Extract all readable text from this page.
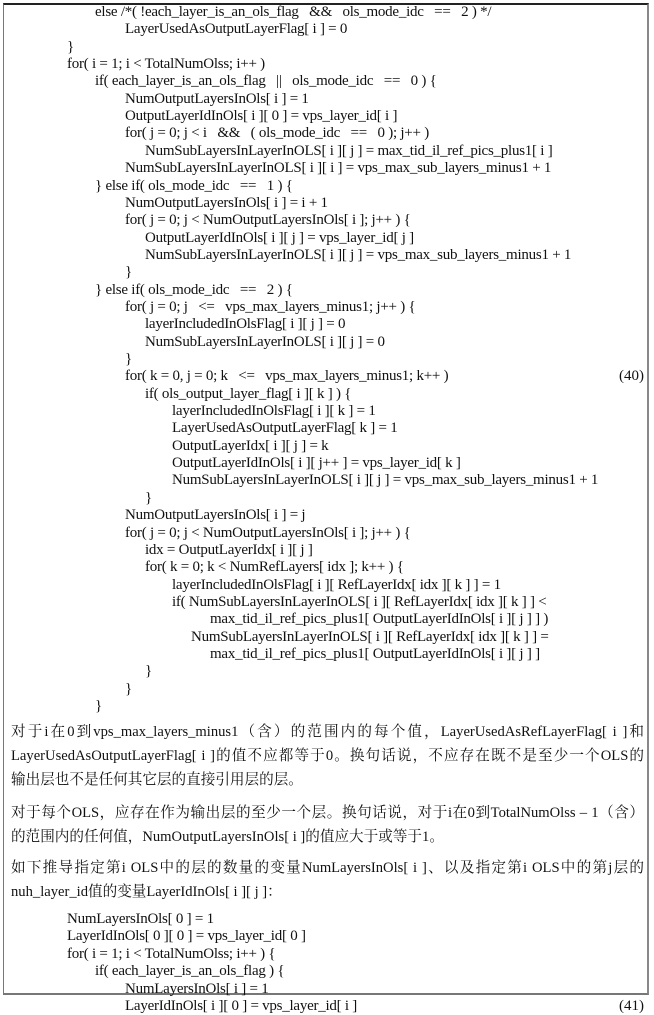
else /*( !each_layer_is_an_ols_flag   &&   ols_mode_idc   ==   2 ) */
LayerUsedAsOutputLayerFlag[ i ] = 0
}
for( i = 1; i < TotalNumOlss; i++ )
if( each_layer_is_an_ols_flag   ||   ols_mode_idc   ==   0 ) {
NumOutputLayersInOls[ i ] = 1
OutputLayerIdInOls[ i ][ 0 ] = vps_layer_id[ i ]
for( j = 0; j < i   &&   ( ols_mode_idc   ==   0 ); j++ )
NumSubLayersInLayerInOLS[ i ][ j ] = max_tid_il_ref_pics_plus1[ i ]
NumSubLayersInLayerInOLS[ i ][ i ] = vps_max_sub_layers_minus1 + 1
} else if( ols_mode_idc   ==   1 ) {
NumOutputLayersInOls[ i ] = i + 1
for( j = 0; j < NumOutputLayersInOls[ i ]; j++ ) {
OutputLayerIdInOls[ i ][ j ] = vps_layer_id[ j ]
NumSubLayersInLayerInOLS[ i ][ j ] = vps_max_sub_layers_minus1 + 1
}
} else if( ols_mode_idc   ==   2 ) {
for( j = 0; j   <=   vps_max_layers_minus1; j++ ) {
layerIncludedInOlsFlag[ i ][ j ] = 0
NumSubLayersInLayerInOLS[ i ][ j ] = 0
}
for( k = 0, j = 0; k   <=   vps_max_layers_minus1; k++ )
if( ols_output_layer_flag[ i ][ k ] ) {
layerIncludedInOlsFlag[ i ][ k ] = 1
LayerUsedAsOutputLayerFlag[ k ] = 1
OutputLayerIdx[ i ][ j ] = k
OutputLayerIdInOls[ i ][ j++ ] = vps_layer_id[ k ]
NumSubLayersInLayerInOLS[ i ][ j ] = vps_max_sub_layers_minus1 + 1
}
NumOutputLayersInOls[ i ] = j
for( j = 0; j < NumOutputLayersInOls[ i ]; j++ ) {
idx = OutputLayerIdx[ i ][ j ]
for( k = 0; k < NumRefLayers[ idx ]; k++ ) {
layerIncludedInOlsFlag[ i ][ RefLayerIdx[ idx ][ k ] ] = 1
if( NumSubLayersInLayerInOLS[ i ][ RefLayerIdx[ idx ][ k ] ] <
max_tid_il_ref_pics_plus1[ OutputLayerIdInOls[ i ][ j ] ] )
NumSubLayersInLayerInOLS[ i ][ RefLayerIdx[ idx ][ k ] ] =
max_tid_il_ref_pics_plus1[ OutputLayerIdInOls[ i ][ j ] ]
}
}
}
(40)
对于i在0到vps_max_layers_minus1（含）的范围内的每个值，LayerUsedAsRefLayerFlag[ i ]和
LayerUsedAsOutputLayerFlag[ i ]的值不应都等于0。换句话说，不应存在既不是至少一个OLS的
输出层也不是任何其它层的直接引用层的层。
对于每个OLS，应存在作为输出层的至少一个层。换句话说，对于i在0到TotalNumOlss – 1（含）
的范围内的任何值，NumOutputLayersInOls[ i ]的值应大于或等于1。
如下推导指定第i OLS中的层的数量的变量NumLayersInOls[ i ]、以及指定第i OLS中的第j层的
nuh_layer_id值的变量LayerIdInOls[ i ][ j ]：
NumLayersInOls[ 0 ] = 1
LayerIdInOls[ 0 ][ 0 ] = vps_layer_id[ 0 ]
for( i = 1; i < TotalNumOlss; i++ ) {
if( each_layer_is_an_ols_flag ) {
NumLayersInOls[ i ] = 1
LayerIdInOls[ i ][ 0 ] = vps_layer_id[ i ]	(41)
